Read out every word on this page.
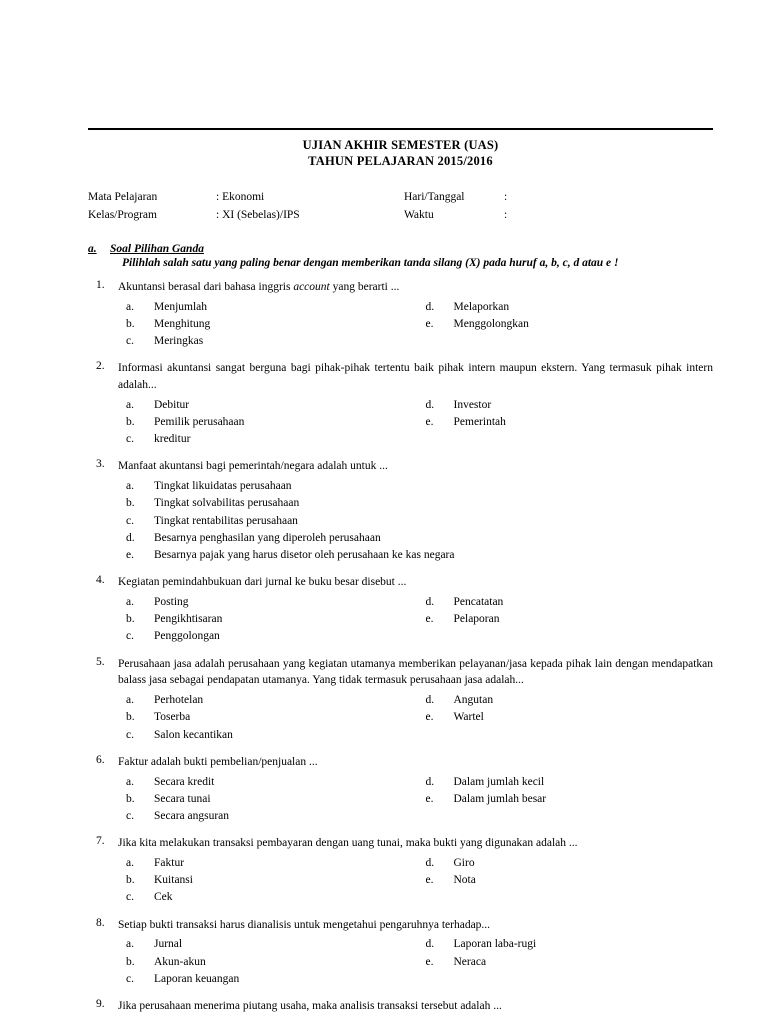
UJIAN AKHIR SEMESTER (UAS)
TAHUN PELAJARAN 2015/2016
Mata Pelajaran	: Ekonomi	Hari/Tanggal	:
Kelas/Program	: XI (Sebelas)/IPS	Waktu	:
a. Soal Pilihan Ganda
Pilihlah salah satu yang paling benar dengan memberikan tanda silang (X) pada huruf a, b, c, d atau e !
1.	Akuntansi berasal dari bahasa inggris account yang berarti ...
a.	Menjumlah	d.	Melaporkan
b.	Menghitung	e.	Menggolongkan
c.	Meringkas
2.	Informasi akuntansi sangat berguna bagi pihak-pihak tertentu baik pihak intern maupun ekstern. Yang termasuk pihak intern adalah...
a.	Debitur	d.	Investor
b.	Pemilik perusahaan	e.	Pemerintah
c.	kreditur
3.	Manfaat akuntansi bagi pemerintah/negara adalah untuk ...
a.	Tingkat likuidatas perusahaan
b.	Tingkat solvabilitas perusahaan
c.	Tingkat rentabilitas perusahaan
d.	Besarnya penghasilan yang diperoleh perusahaan
e.	Besarnya pajak yang harus disetor oleh perusahaan ke kas negara
4.	Kegiatan pemindahbukuan dari jurnal ke buku besar disebut ...
a.	Posting	d.	Pencatatan
b.	Pengikhtisaran	e.	Pelaporan
c.	Penggolongan
5.	Perusahaan jasa adalah perusahaan yang kegiatan utamanya memberikan pelayanan/jasa kepada pihak lain dengan mendapatkan balass jasa sebagai pendapatan utamanya. Yang tidak termasuk perusahaan jasa adalah...
a.	Perhotelan	d.	Angutan
b.	Toserba	e.	Wartel
c.	Salon kecantikan
6.	Faktur adalah bukti pembelian/penjualan ...
a.	Secara kredit	d.	Dalam jumlah kecil
b.	Secara tunai	e.	Dalam jumlah besar
c.	Secara angsuran
7.	Jika kita melakukan transaksi pembayaran dengan uang tunai, maka bukti yang digunakan adalah ...
a.	Faktur	d.	Giro
b.	Kuitansi	e.	Nota
c.	Cek
8.	Setiap bukti transaksi harus dianalisis untuk mengetahui pengaruhnya terhadap...
a.	Jurnal	d.	Laporan laba-rugi
b.	Akun-akun	e.	Neraca
c.	Laporan keuangan
9.	Jika perusahaan menerima piutang usaha, maka analisis transaksi tersebut adalah ...
